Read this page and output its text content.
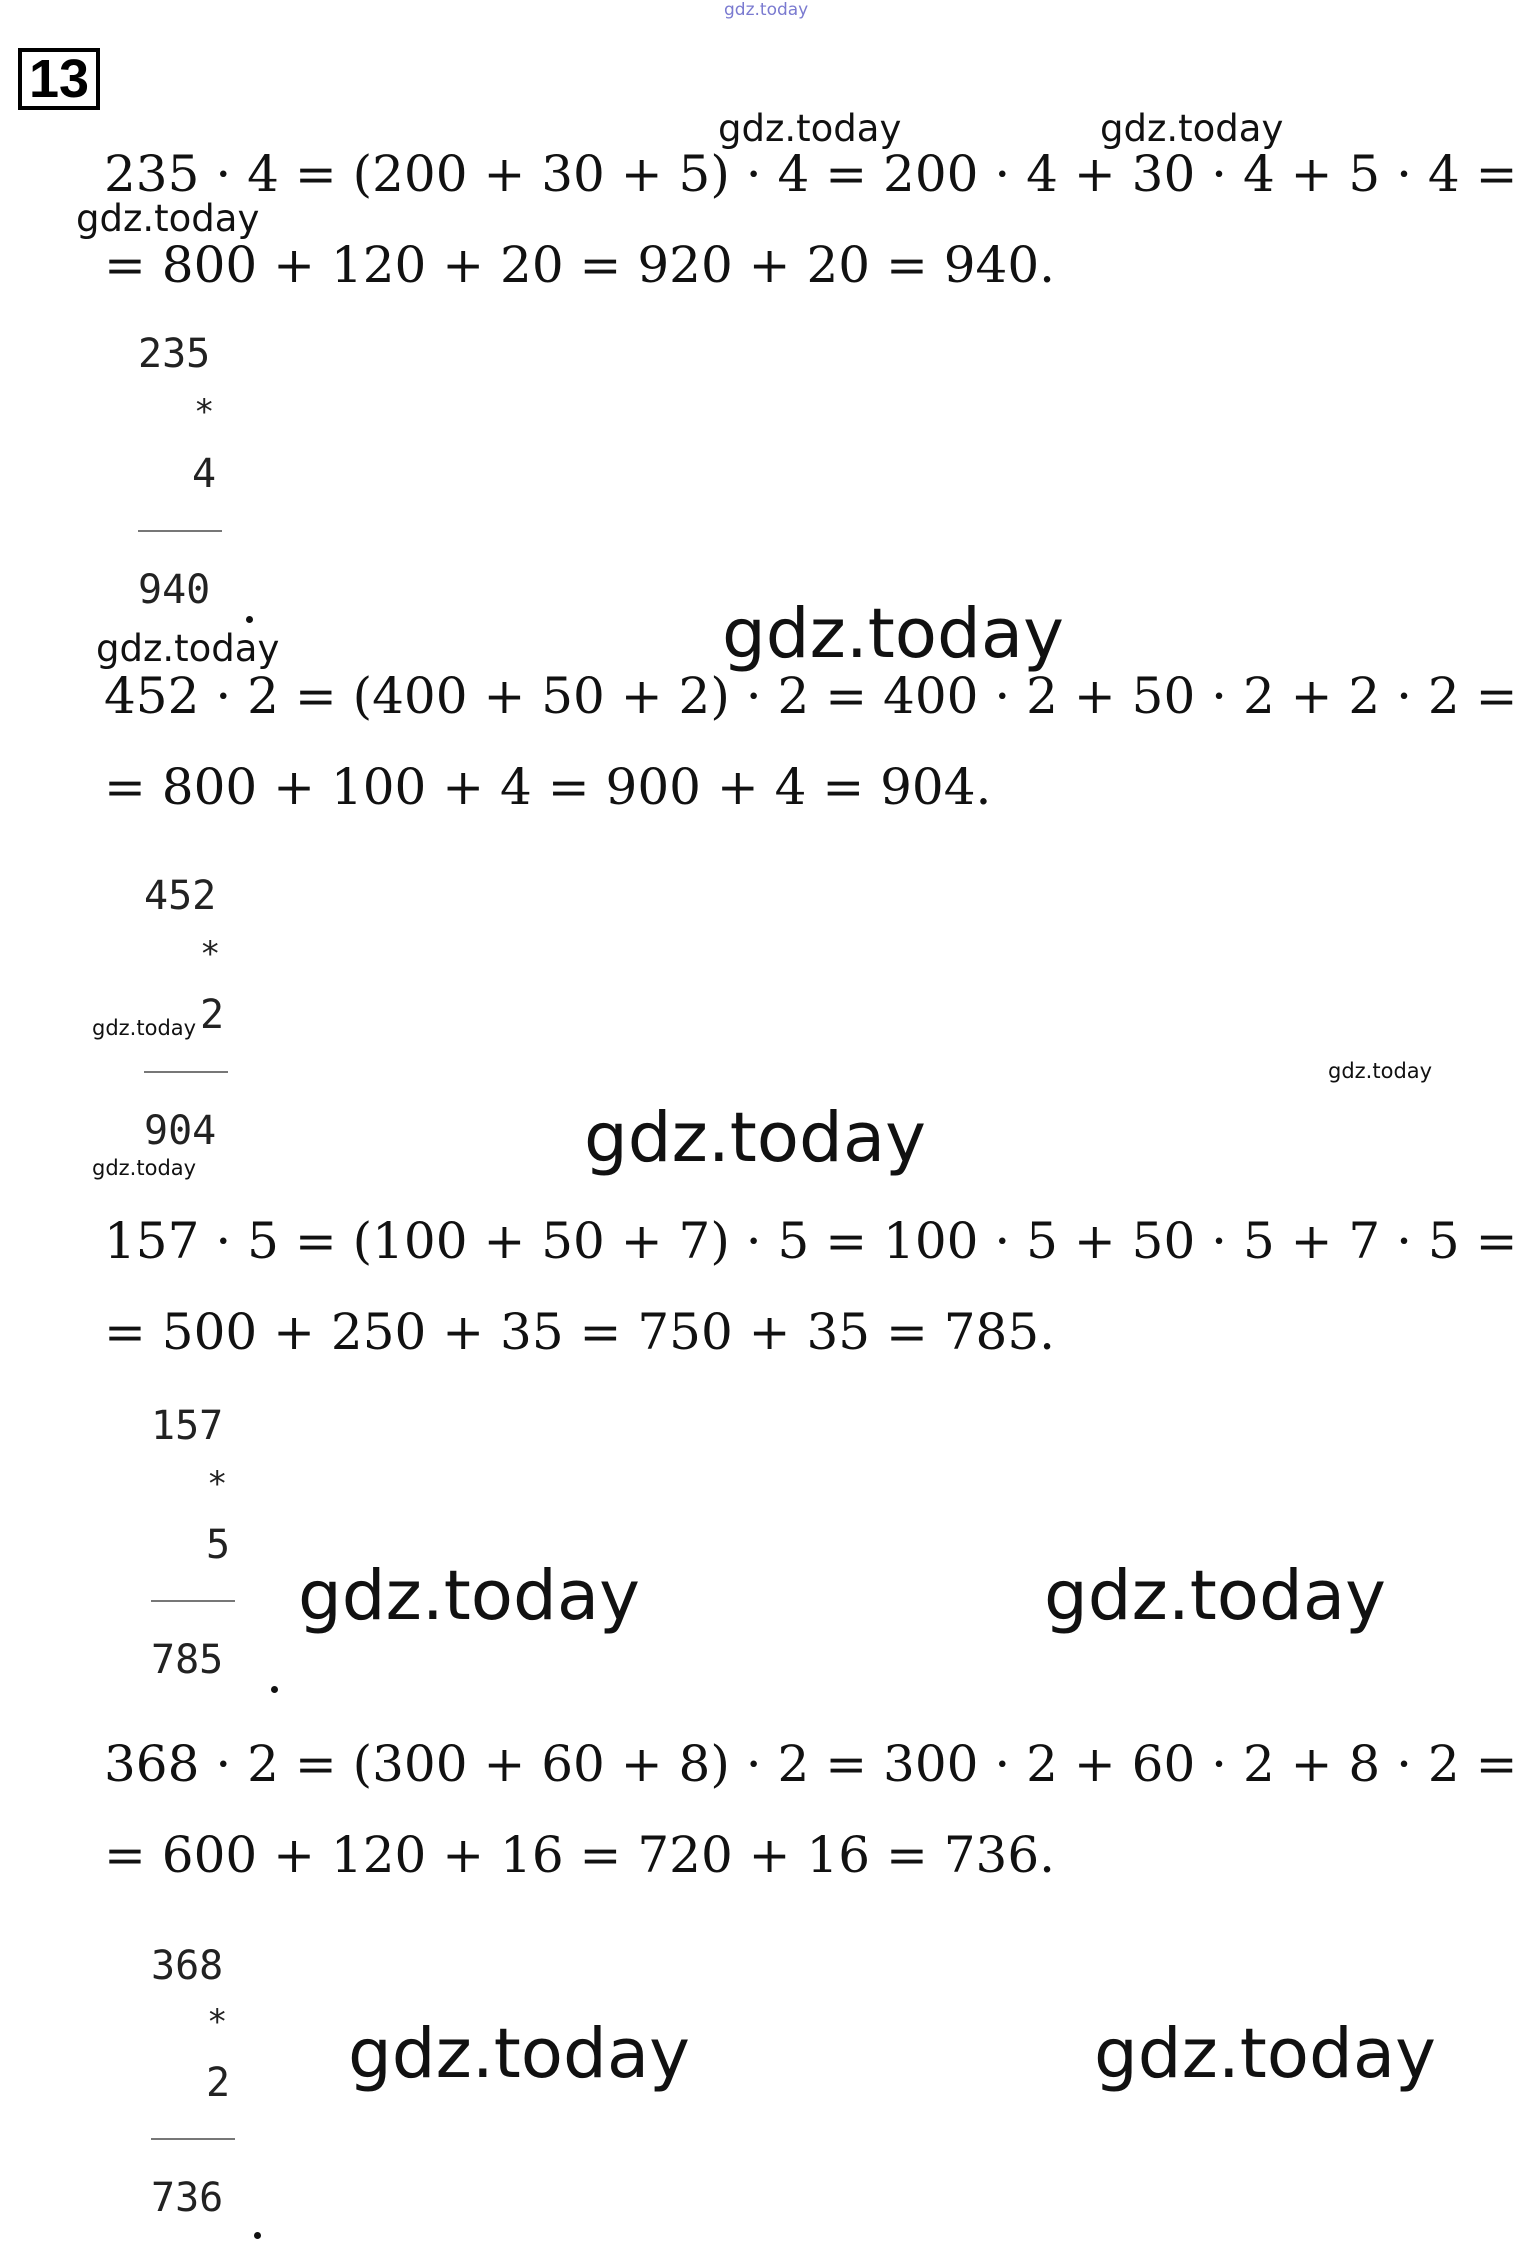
13
235 · 4 = (200 + 30 + 5) · 4 = 200 · 4 + 30 · 4 + 5 · 4 =
= 800 + 120 + 20 = 920 + 20 = 940.
235
*
4
940
452 · 2 = (400 + 50 + 2) · 2 = 400 · 2 + 50 · 2 + 2 · 2 =
= 800 + 100 + 4 = 900 + 4 = 904.
452
*
2
904
157 · 5 = (100 + 50 + 7) · 5 = 100 · 5 + 50 · 5 + 7 · 5 =
= 500 + 250 + 35 = 750 + 35 = 785.
157
*
5
785
368 · 2 = (300 + 60 + 8) · 2 = 300 · 2 + 60 · 2 + 8 · 2 =
= 600 + 120 + 16 = 720 + 16 = 736.
368
*
2
736
gdz.today
gdz.today	gdz.today
gdz.today
gdz.today	gdz.today
gdz.today
gdz.today
gdz.today	gdz.today
gdz.today	gdz.today
gdz.today	gdz.today
